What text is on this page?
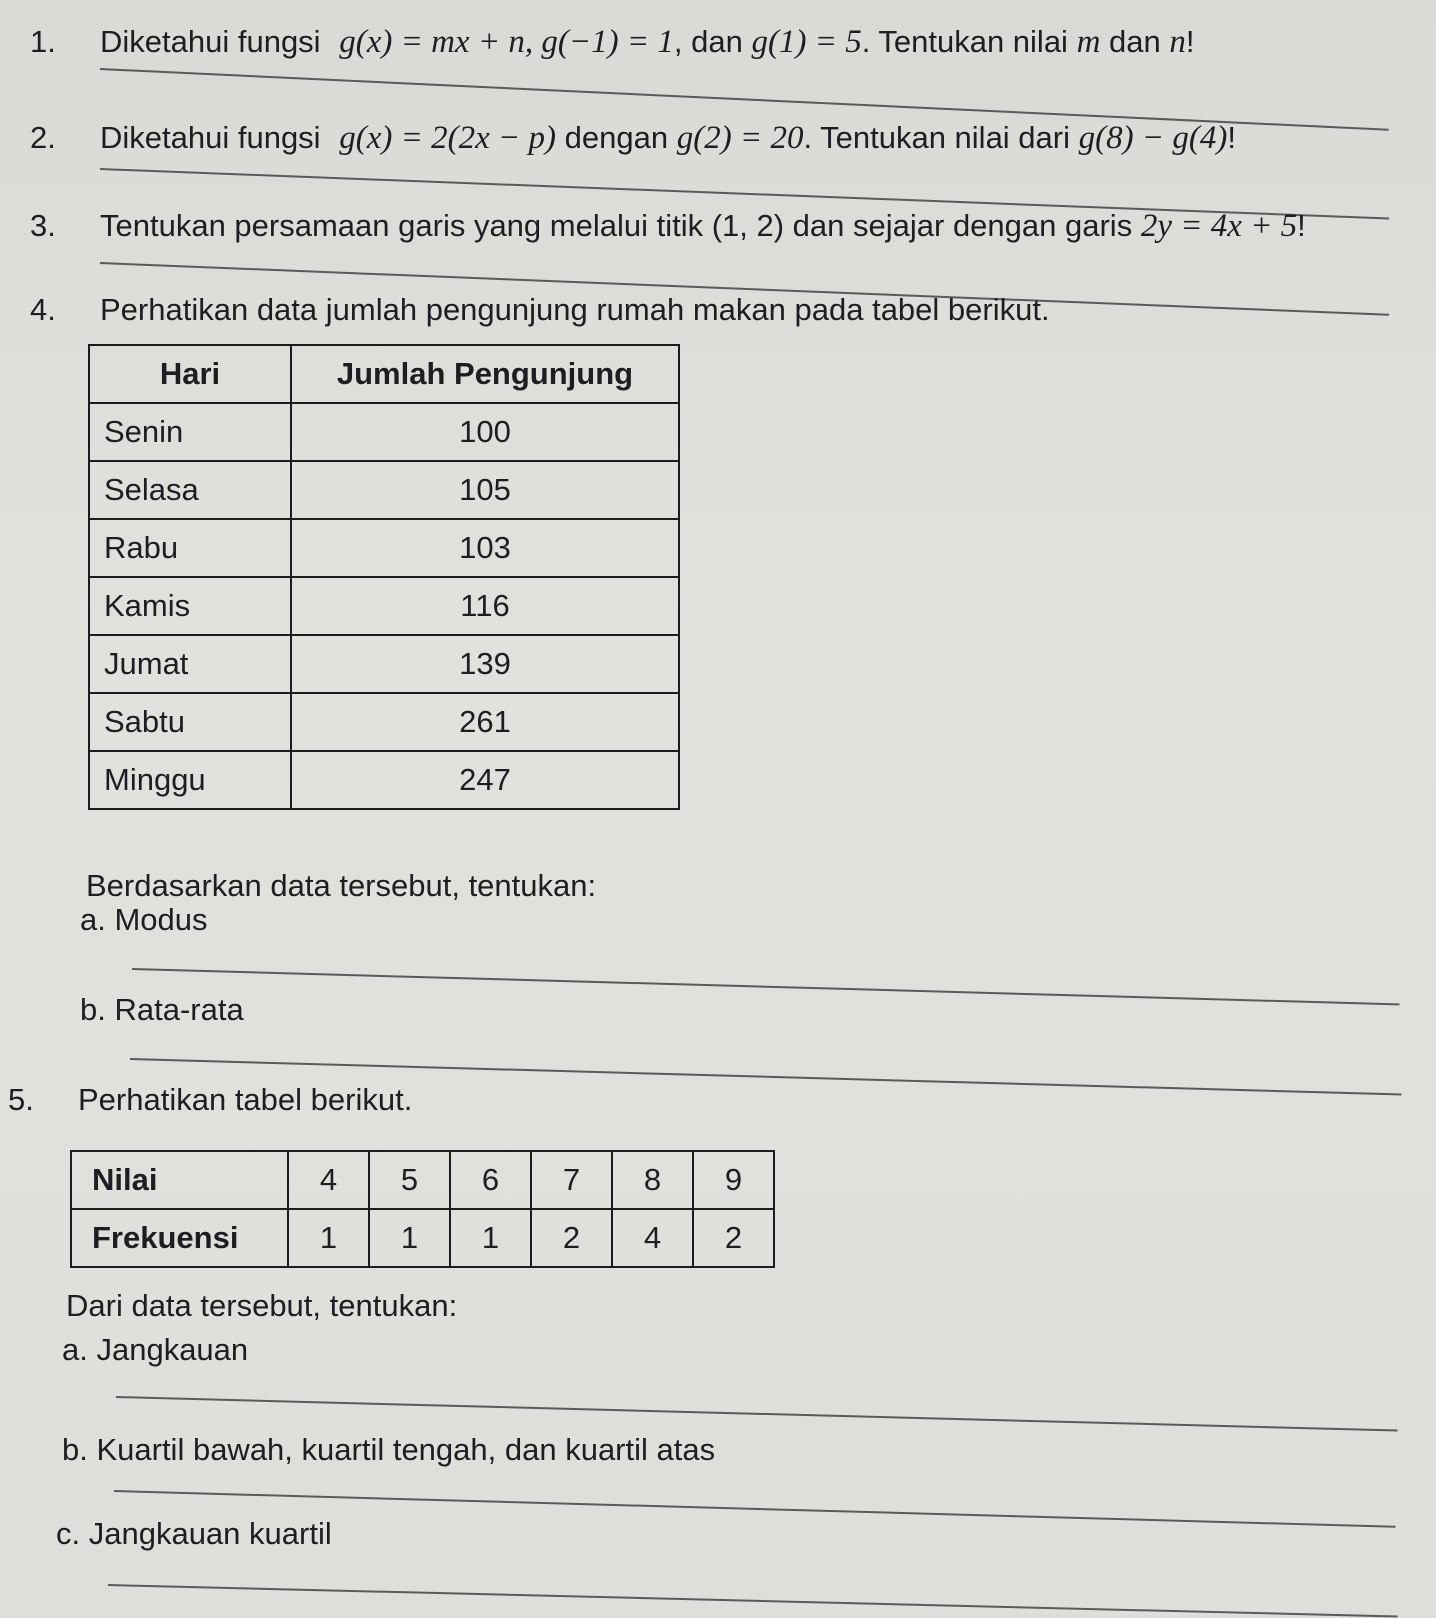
1. Diketahui fungsi g(x) = mx + n, g(−1) = 1, dan g(1) = 5. Tentukan nilai m dan n!
2. Diketahui fungsi g(x) = 2(2x − p) dengan g(2) = 20. Tentukan nilai dari g(8) − g(4)!
3. Tentukan persamaan garis yang melalui titik (1, 2) dan sejajar dengan garis 2y = 4x + 5!
4. Perhatikan data jumlah pengunjung rumah makan pada tabel berikut.
Hari	Jumlah Pengunjung
Senin	100
Selasa	105
Rabu	103
Kamis	116
Jumat	139
Sabtu	261
Minggu	247
Berdasarkan data tersebut, tentukan:
a. Modus
b. Rata-rata
5. Perhatikan tabel berikut.
Nilai	4	5	6	7	8	9
Frekuensi	1	1	1	2	4	2
Dari data tersebut, tentukan:
a. Jangkauan
b. Kuartil bawah, kuartil tengah, dan kuartil atas
c. Jangkauan kuartil
